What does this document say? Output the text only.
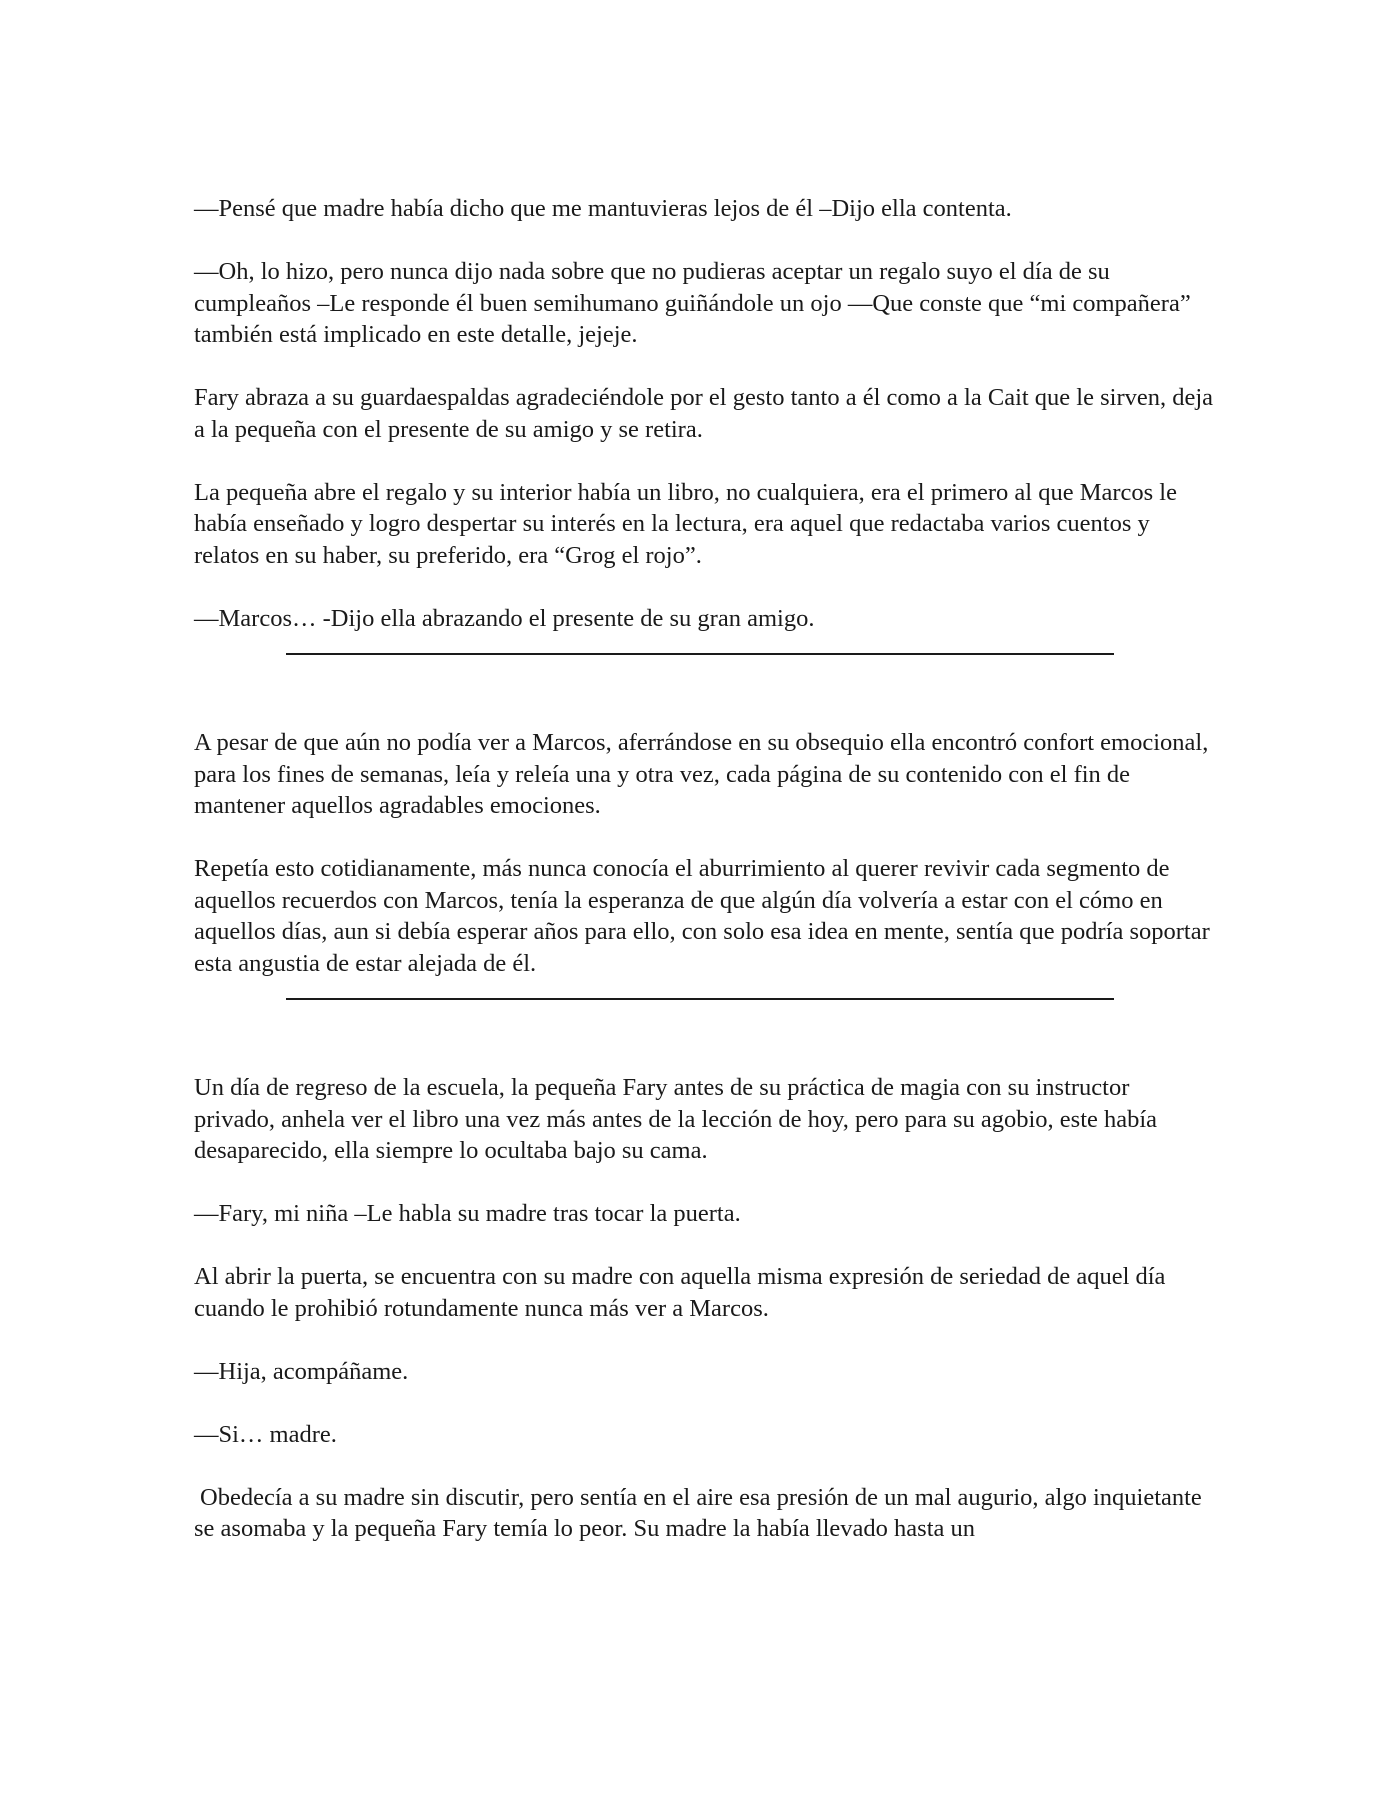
—Pensé que madre había dicho que me mantuvieras lejos de él –Dijo ella contenta.

—Oh, lo hizo, pero nunca dijo nada sobre que no pudieras aceptar un regalo suyo el día de su cumpleaños –Le responde él buen semihumano guiñándole un ojo —Que conste que “mi compañera” también está implicado en este detalle, jejeje.

Fary abraza a su guardaespaldas agradeciéndole por el gesto tanto a él como a la Cait que le sirven, deja a la pequeña con el presente de su amigo y se retira.

La pequeña abre el regalo y su interior había un libro, no cualquiera, era el primero al que Marcos le había enseñado y logro despertar su interés en la lectura, era aquel que redactaba varios cuentos y relatos en su haber, su preferido, era “Grog el rojo”.

—Marcos… -Dijo ella abrazando el presente de su gran amigo.

A pesar de que aún no podía ver a Marcos, aferrándose en su obsequio ella encontró confort emocional, para los fines de semanas, leía y releía una y otra vez, cada página de su contenido con el fin de mantener aquellos agradables emociones.

Repetía esto cotidianamente, más nunca conocía el aburrimiento al querer revivir cada segmento de aquellos recuerdos con Marcos, tenía la esperanza de que algún día volvería a estar con el cómo en aquellos días, aun si debía esperar años para ello, con solo esa idea en mente, sentía que podría soportar esta angustia de estar alejada de él.

Un día de regreso de la escuela, la pequeña Fary antes de su práctica de magia con su instructor privado, anhela ver el libro una vez más antes de la lección de hoy, pero para su agobio, este había desaparecido, ella siempre lo ocultaba bajo su cama.

—Fary, mi niña –Le habla su madre tras tocar la puerta.

Al abrir la puerta, se encuentra con su madre con aquella misma expresión de seriedad de aquel día cuando le prohibió rotundamente nunca más ver a Marcos.

—Hija, acompáñame.

—Si… madre.

Obedecía a su madre sin discutir, pero sentía en el aire esa presión de un mal augurio, algo inquietante se asomaba y la pequeña Fary temía lo peor. Su madre la había llevado hasta un
